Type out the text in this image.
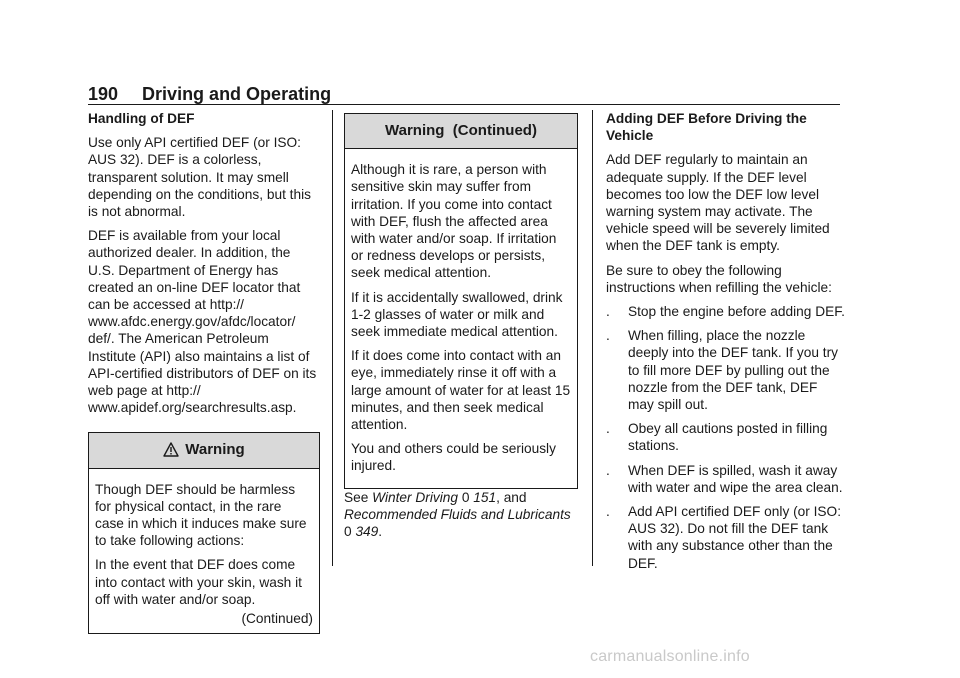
190 Driving and Operating

Handling of DEF

Use only API certified DEF (or ISO: AUS 32). DEF is a colorless, transparent solution. It may smell depending on the conditions, but this is not abnormal.

DEF is available from your local authorized dealer. In addition, the U.S. Department of Energy has created an on-line DEF locator that can be accessed at http:// www.afdc.energy.gov/afdc/locator/ def/. The American Petroleum Institute (API) also maintains a list of API-certified distributors of DEF on its web page at http:// www.apidef.org/searchresults.asp.

Warning

Though DEF should be harmless for physical contact, in the rare case in which it induces make sure to take following actions:

In the event that DEF does come into contact with your skin, wash it off with water and/or soap.

(Continued)
Warning  (Continued)

Although it is rare, a person with sensitive skin may suffer from irritation. If you come into contact with DEF, flush the affected area with water and/or soap. If irritation or redness develops or persists, seek medical attention.

If it is accidentally swallowed, drink 1-2 glasses of water or milk and seek immediate medical attention.

If it does come into contact with an eye, immediately rinse it off with a large amount of water for at least 15 minutes, and then seek medical attention.

You and others could be seriously injured.

See Winter Driving 0 151, and
Recommended Fluids and Lubricants 0 349.

Adding DEF Before Driving the Vehicle

Add DEF regularly to maintain an adequate supply. If the DEF level becomes too low the DEF low level warning system may activate. The vehicle speed will be severely limited when the DEF tank is empty.

Be sure to obey the following instructions when refilling the vehicle:

. Stop the engine before adding DEF.
. When filling, place the nozzle deeply into the DEF tank. If you try to fill more DEF by pulling out the nozzle from the DEF tank, DEF may spill out.
. Obey all cautions posted in filling stations.
. When DEF is spilled, wash it away with water and wipe the area clean.
. Add API certified DEF only (or ISO: AUS 32). Do not fill the DEF tank with any substance other than the DEF.
carmanualsonline.info
